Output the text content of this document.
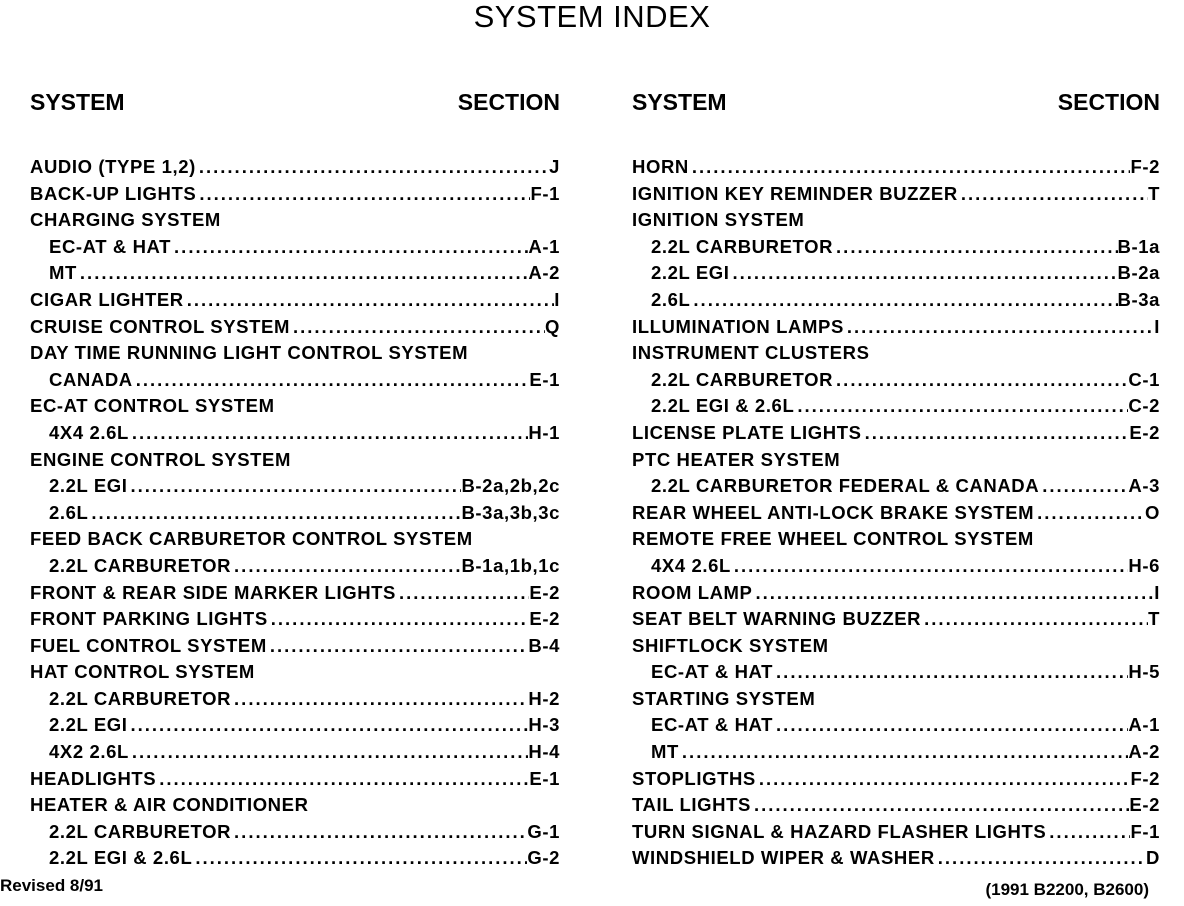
SYSTEM INDEX
SYSTEM	SECTION
AUDIO (TYPE 1,2) .....	J
BACK-UP LIGHTS .....	F-1
CHARGING SYSTEM
EC-AT & HAT .....	A-1
MT .....	A-2
CIGAR LIGHTER .....	I
CRUISE CONTROL SYSTEM .....	Q
DAY TIME RUNNING LIGHT CONTROL SYSTEM
CANADA .....	E-1
EC-AT CONTROL SYSTEM
4X4 2.6L .....	H-1
ENGINE CONTROL SYSTEM
2.2L EGI .....	B-2a,2b,2c
2.6L .....	B-3a,3b,3c
FEED BACK CARBURETOR CONTROL SYSTEM
2.2L CARBURETOR .....	B-1a,1b,1c
FRONT & REAR SIDE MARKER LIGHTS .....	E-2
FRONT PARKING LIGHTS .....	E-2
FUEL CONTROL SYSTEM .....	B-4
HAT CONTROL SYSTEM
2.2L CARBURETOR .....	H-2
2.2L EGI .....	H-3
4X2 2.6L .....	H-4
HEADLIGHTS .....	E-1
HEATER & AIR CONDITIONER
2.2L CARBURETOR .....	G-1
2.2L EGI & 2.6L .....	G-2
SYSTEM	SECTION
HORN .....	F-2
IGNITION KEY REMINDER BUZZER .....	T
IGNITION SYSTEM
2.2L CARBURETOR .....	B-1a
2.2L EGI .....	B-2a
2.6L .....	B-3a
ILLUMINATION LAMPS .....	I
INSTRUMENT CLUSTERS
2.2L CARBURETOR .....	C-1
2.2L EGI & 2.6L .....	C-2
LICENSE PLATE LIGHTS .....	E-2
PTC HEATER SYSTEM
2.2L CARBURETOR FEDERAL & CANADA .....	A-3
REAR WHEEL ANTI-LOCK BRAKE SYSTEM .....	O
REMOTE FREE WHEEL CONTROL SYSTEM
4X4 2.6L .....	H-6
ROOM LAMP .....	I
SEAT BELT WARNING BUZZER .....	T
SHIFTLOCK SYSTEM
EC-AT & HAT .....	H-5
STARTING SYSTEM
EC-AT & HAT .....	A-1
MT .....	A-2
STOPLIGTHS .....	F-2
TAIL LIGHTS .....	E-2
TURN SIGNAL & HAZARD FLASHER LIGHTS .....	F-1
WINDSHIELD WIPER & WASHER .....	D
Revised 8/91	(1991 B2200, B2600)
